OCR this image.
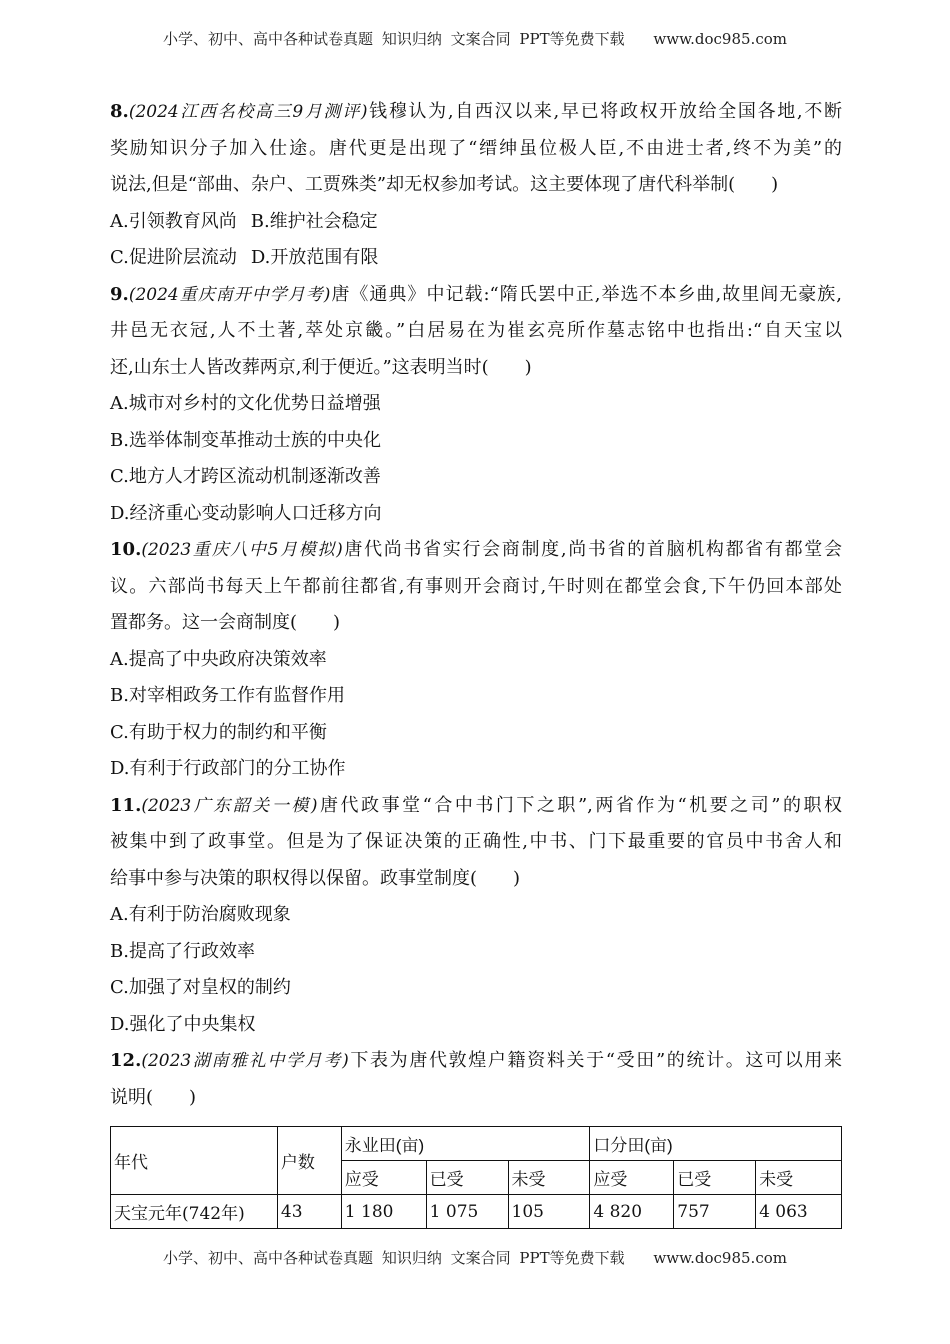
小学、初中、高中各种试卷真题 知识归纳 文案合同 PPT等免费下载 www.doc985.com
8.(2024江西名校高三9月测评)钱穆认为,自西汉以来,早已将政权开放给全国各地,不断
奖励知识分子加入仕途。唐代更是出现了“缙绅虽位极人臣,不由进士者,终不为美”的
说法,但是“部曲、杂户、工贾殊类”却无权参加考试。这主要体现了唐代科举制(　　)
A.引领教育风尚 B.维护社会稳定
C.促进阶层流动 D.开放范围有限
9.(2024重庆南开中学月考)唐《通典》中记载:“隋氏罢中正,举选不本乡曲,故里闾无豪族,
井邑无衣冠,人不土著,萃处京畿。”白居易在为崔玄亮所作墓志铭中也指出:“自天宝以
还,山东士人皆改葬两京,利于便近。”这表明当时(　　)
A.城市对乡村的文化优势日益增强
B.选举体制变革推动士族的中央化
C.地方人才跨区流动机制逐渐改善
D.经济重心变动影响人口迁移方向
10.(2023重庆八中5月模拟)唐代尚书省实行会商制度,尚书省的首脑机构都省有都堂会
议。六部尚书每天上午都前往都省,有事则开会商讨,午时则在都堂会食,下午仍回本部处
置都务。这一会商制度(　　)
A.提高了中央政府决策效率
B.对宰相政务工作有监督作用
C.有助于权力的制约和平衡
D.有利于行政部门的分工协作
11.(2023广东韶关一模)唐代政事堂“合中书门下之职”,两省作为“机要之司”的职权
被集中到了政事堂。但是为了保证决策的正确性,中书、门下最重要的官员中书舍人和
给事中参与决策的职权得以保留。政事堂制度(　　)
A.有利于防治腐败现象
B.提高了行政效率
C.加强了对皇权的制约
D.强化了中央集权
12.(2023湖南雅礼中学月考)下表为唐代敦煌户籍资料关于“受田”的统计。这可以用来
说明(　　)
年代	户数	永业田(亩)			口分田(亩)		
		应受	已受	未受	应受	已受	未受
天宝元年(742年)	43	1 180	1 075	105	4 820	757	4 063
小学、初中、高中各种试卷真题 知识归纳 文案合同 PPT等免费下载 www.doc985.com
